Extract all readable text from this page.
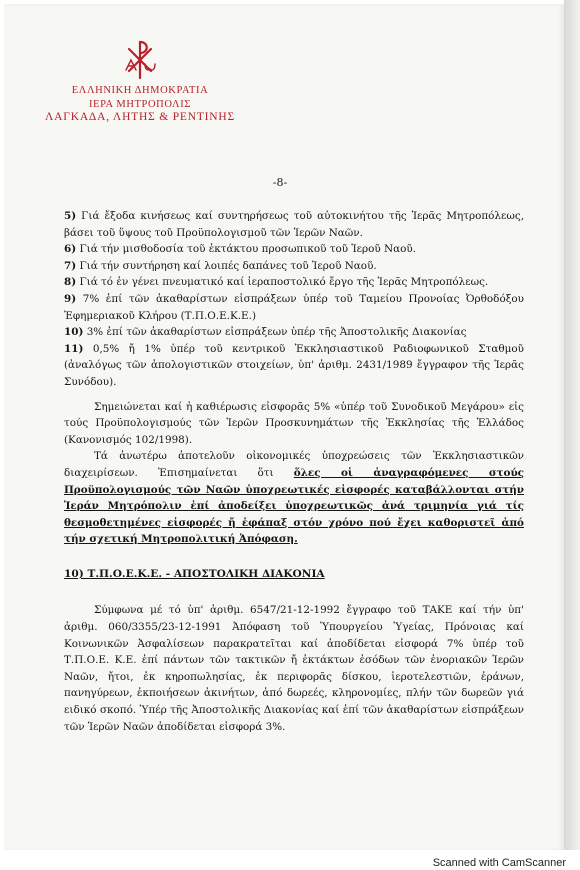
ΕΛΛΗΝΙΚΗ ΔΗΜΟΚΡΑΤΙΑ
ΙΕΡΑ ΜΗΤΡΟΠΟΛΙΣ
ΛΑΓΚΑΔΑ, ΛΗΤΗΣ & ΡΕΝΤΙΝΗΣ
-8-

5) Γιά ἔξοδα κινήσεως καί συντηρήσεως τοῦ αὐτοκινήτου τῆς Ἱερᾶς Μητροπόλεως, βάσει τοῦ ὕψους τοῦ Προϋπολογισμοῦ τῶν Ἱερῶν Ναῶν.

6) Γιά τήν μισθοδοσία τοῦ ἐκτάκτου προσωπικοῦ τοῦ Ἱεροῦ Ναοῦ.

7) Γιά τήν συντήρηση καί λοιπές δαπάνες τοῦ Ἱεροῦ Ναοῦ.

8) Γιά τό ἐν γένει πνευματικό καί ἱεραποστολικό ἔργο τῆς Ἱερᾶς Μητροπόλεως.

9) 7% ἐπί τῶν ἀκαθαρίστων εἰσπράξεων ὑπέρ τοῦ Ταμείου Προνοίας Ὀρθοδόξου Ἐφημεριακοῦ Κλήρου (Τ.Π.Ο.Ε.Κ.Ε.)

10) 3% ἐπί τῶν ἀκαθαρίστων εἰσπράξεων ὑπέρ τῆς Ἀποστολικῆς Διακονίας

11) 0,5% ἤ 1% ὑπέρ τοῦ κεντρικοῦ Ἐκκλησιαστικοῦ Ραδιοφωνικοῦ Σταθμοῦ (ἀναλόγως τῶν ἀπολογιστικῶν στοιχείων, ὑπ' ἀριθμ. 2431/1989 ἔγγραφον τῆς Ἱερᾶς Συνόδου).

Σημειώνεται καί ἡ καθιέρωσις εἰσφορᾶς 5% «ὑπέρ τοῦ Συνοδικοῦ Μεγάρου» εἰς τούς Προϋπολογισμούς τῶν Ἱερῶν Προσκυνημάτων τῆς Ἐκκλησίας τῆς Ἑλλάδος (Κανονισμός 102/1998).

Τά ἀνωτέρω ἀποτελοῦν οἰκονομικές ὑποχρεώσεις τῶν Ἐκκλησιαστικῶν διαχειρίσεων. Ἐπισημαίνεται ὅτι ὅλες οἱ ἀναγραφόμενες στούς Προϋπολογισμούς τῶν Ναῶν ὑποχρεωτικές εἰσφορές καταβάλλονται στήν Ἱεράν Μητρόπολιν ἐπί ἀποδείξει ὑποχρεωτικῶς ἀνά τριμηνία γιά τίς θεσμοθετημένες εἰσφορές ἤ ἐφάπαξ στόν χρόνο πού ἔχει καθοριστεῖ ἀπό τήν σχετική Μητροπολιτική Ἀπόφαση.

10) Τ.Π.Ο.Ε.Κ.Ε. - ΑΠΟΣΤΟΛΙΚΗ ΔΙΑΚΟΝΙΑ

Σύμφωνα μέ τό ὑπ' ἀριθμ. 6547/21-12-1992 ἔγγραφο τοῦ ΤΑΚΕ καί τήν ὑπ' ἀριθμ. 060/3355/23-12-1991 Ἀπόφαση τοῦ Ὑπουργείου Ὑγείας, Πρόνοιας καί Κοινωνικῶν Ἀσφαλίσεων παρακρατεῖται καί ἀποδίδεται εἰσφορά 7% ὑπέρ τοῦ Τ.Π.Ο.Ε. Κ.Ε. ἐπί πάντων τῶν τακτικῶν ἤ ἐκτάκτων ἐσόδων τῶν ἐνοριακῶν Ἱερῶν Ναῶν, ἤτοι, ἐκ κηροπωλησίας, ἐκ περιφορᾶς δίσκου, ἱεροτελεστιῶν, ἐράνων, πανηγύρεων, ἐκποιήσεων ἀκινήτων, ἀπό δωρεές, κληρονομίες, πλήν τῶν δωρεῶν γιά ειδικό σκοπό. Ὑπέρ τῆς Ἀποστολικῆς Διακονίας καί ἐπί τῶν ἀκαθαρίστων εἰσπράξεων τῶν Ἱερῶν Ναῶν ἀποδίδεται εἰσφορά 3%.

Scanned with CamScanner
